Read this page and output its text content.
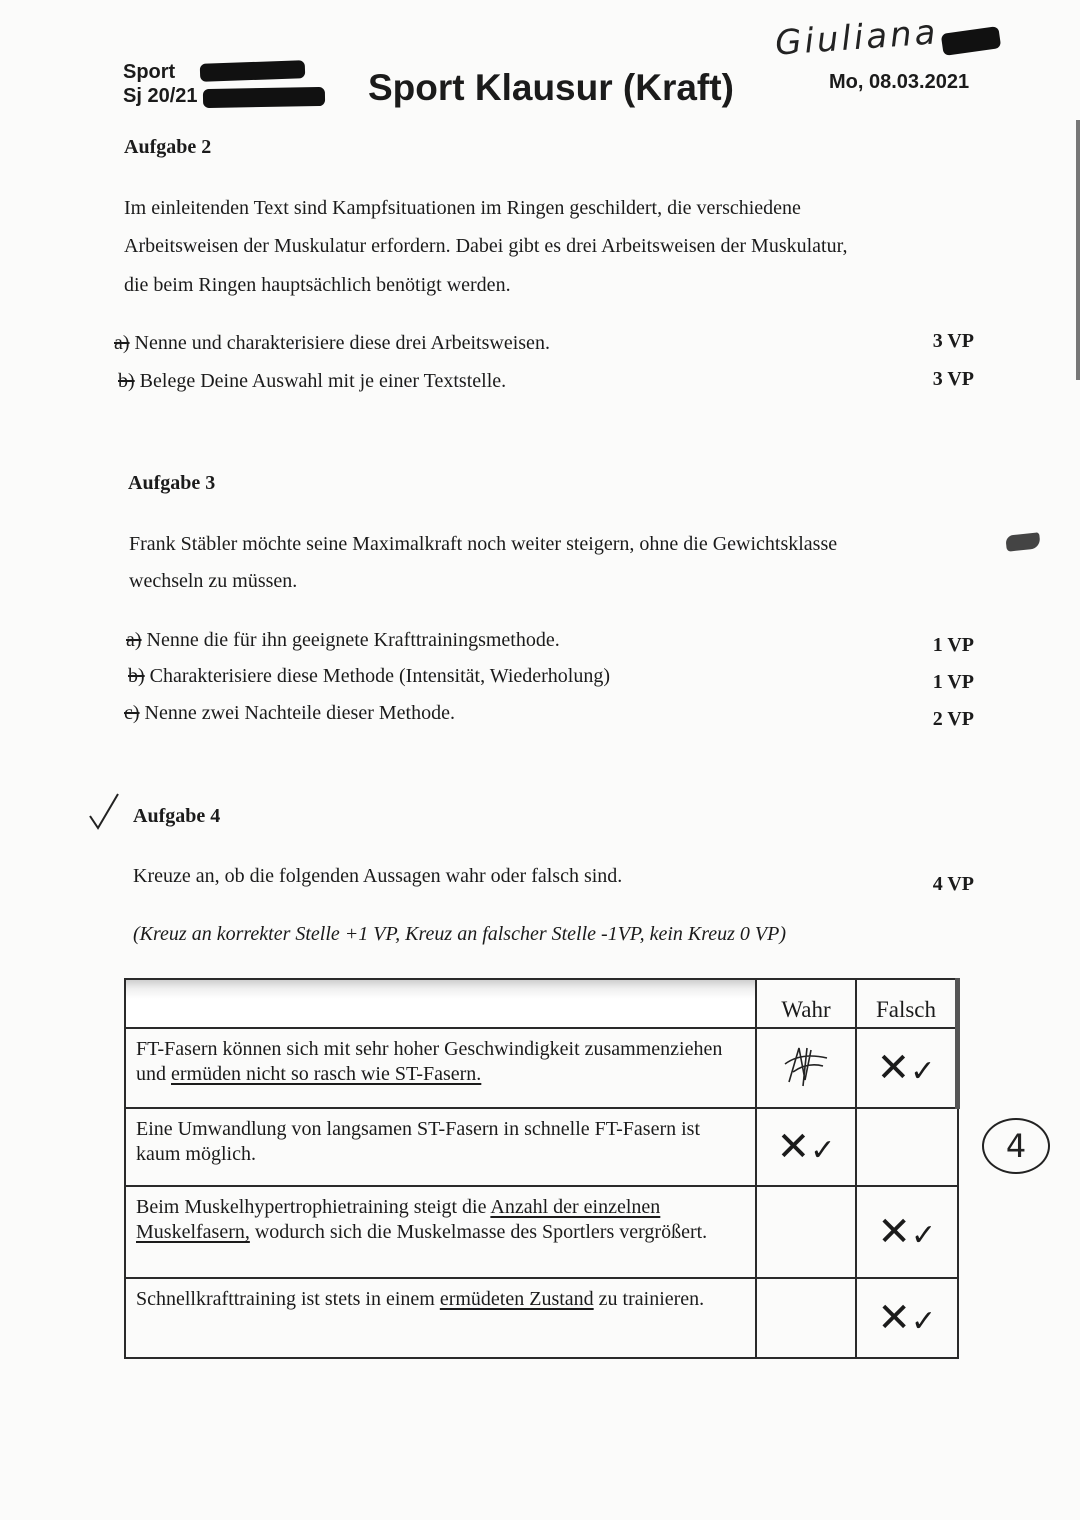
Sport
Sj 20/21	Sport Klausur (Kraft)	Mo, 08.03.2021
Giuliana
Aufgabe 2
Im einleitenden Text sind Kampfsituationen im Ringen geschildert, die verschiedene
Arbeitsweisen der Muskulatur erfordern. Dabei gibt es drei Arbeitsweisen der Muskulatur,
die beim Ringen hauptsächlich benötigt werden.
a) Nenne und charakterisiere diese drei Arbeitsweisen.	3 VP
b) Belege Deine Auswahl mit je einer Textstelle.	3 VP
Aufgabe 3
Frank Stäbler möchte seine Maximalkraft noch weiter steigern, ohne die Gewichtsklasse
wechseln zu müssen.
a) Nenne die für ihn geeignete Krafttrainingsmethode.	1 VP
b) Charakterisiere diese Methode (Intensität, Wiederholung)	1 VP
c) Nenne zwei Nachteile dieser Methode.	2 VP
Aufgabe 4
Kreuze an, ob die folgenden Aussagen wahr oder falsch sind.	4 VP
(Kreuz an korrekter Stelle +1 VP, Kreuz an falscher Stelle -1VP, kein Kreuz 0 VP)
	Wahr	Falsch
FT-Fasern können sich mit sehr hoher Geschwindigkeit zusammenziehen und ermüden nicht so rasch wie ST-Fasern.		✕✓
Eine Umwandlung von langsamen ST-Fasern in schnelle FT-Fasern ist kaum möglich.	✕✓	
Beim Muskelhypertrophietraining steigt die Anzahl der einzelnen Muskelfasern, wodurch sich die Muskelmasse des Sportlers vergrößert.		✕✓
Schnellkrafttraining ist stets in einem ermüdeten Zustand zu trainieren.		✕✓
4
